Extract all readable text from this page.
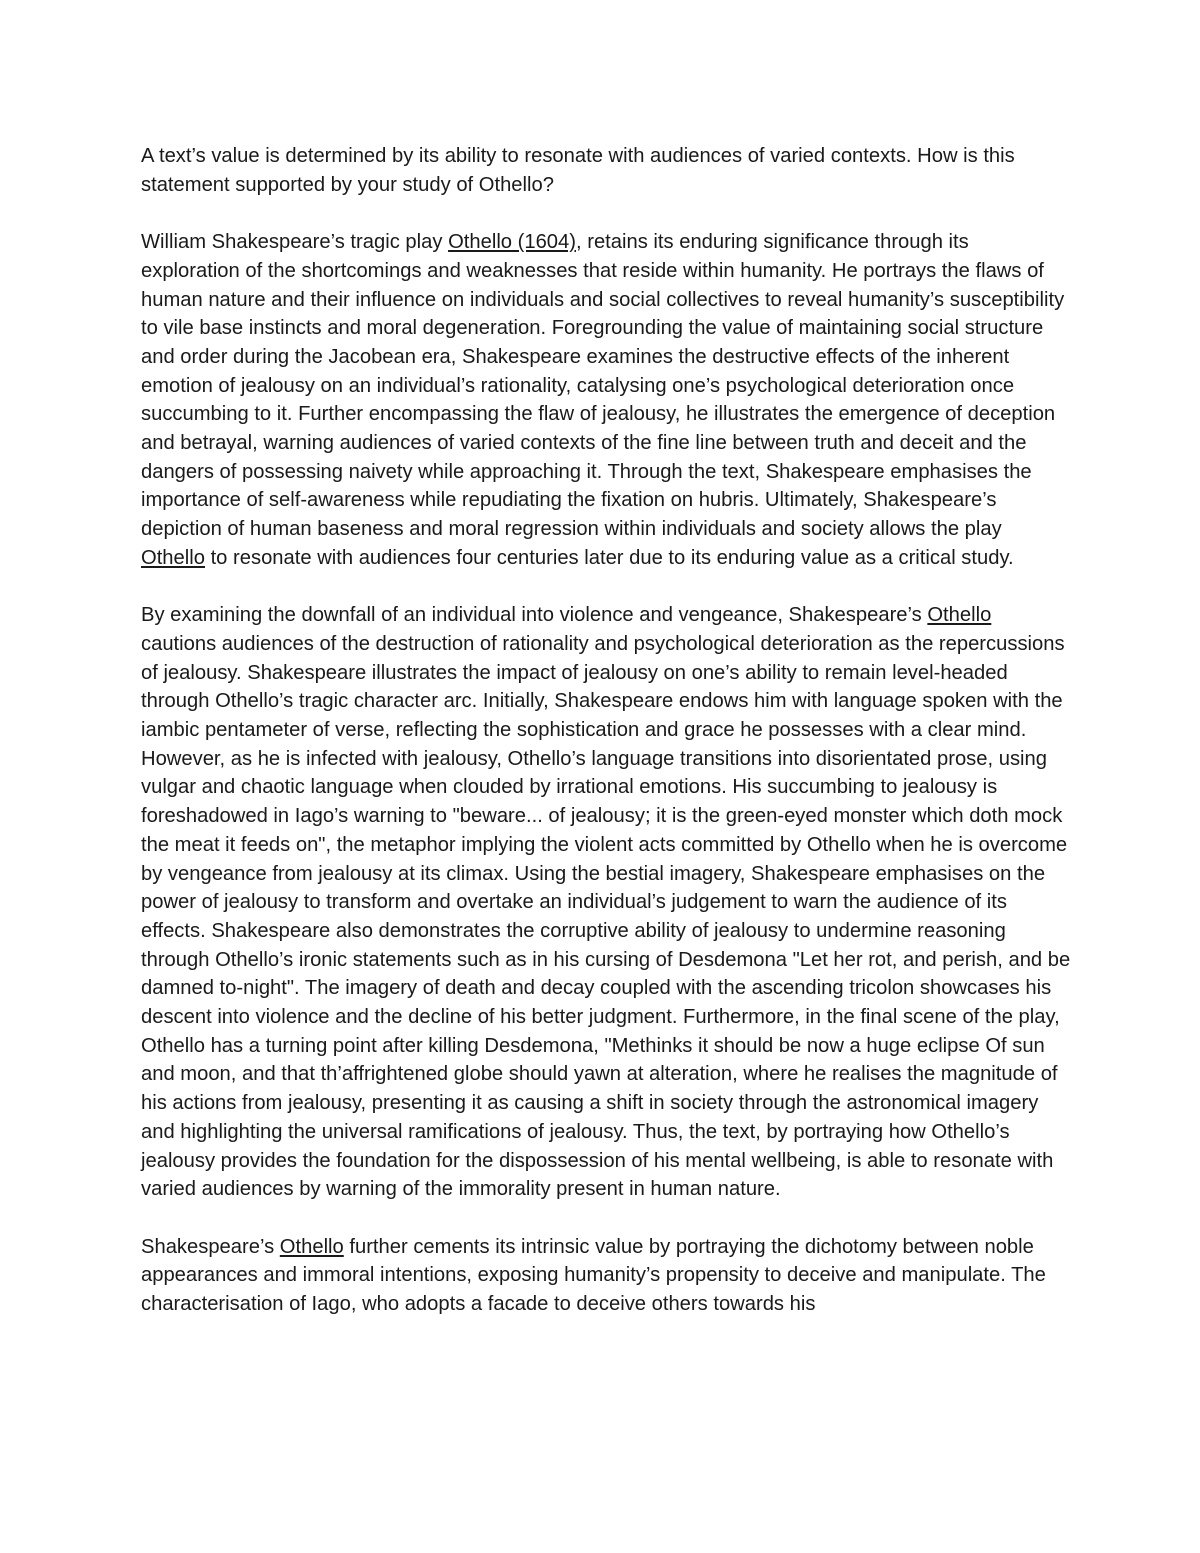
A text’s value is determined by its ability to resonate with audiences of varied contexts. How is this statement supported by your study of Othello?

William Shakespeare’s tragic play Othello (1604), retains its enduring significance through its exploration of the shortcomings and weaknesses that reside within humanity. He portrays the flaws of human nature and their influence on individuals and social collectives to reveal humanity’s susceptibility to vile base instincts and moral degeneration. Foregrounding the value of maintaining social structure and order during the Jacobean era, Shakespeare examines the destructive effects of the inherent emotion of jealousy on an individual’s rationality, catalysing one’s psychological deterioration once succumbing to it. Further encompassing the flaw of jealousy, he illustrates the emergence of deception and betrayal, warning audiences of varied contexts of the fine line between truth and deceit and the dangers of possessing naivety while approaching it. Through the text, Shakespeare emphasises the importance of self-awareness while repudiating the fixation on hubris. Ultimately, Shakespeare’s depiction of human baseness and moral regression within individuals and society allows the play Othello to resonate with audiences four centuries later due to its enduring value as a critical study.

By examining the downfall of an individual into violence and vengeance, Shakespeare’s Othello cautions audiences of the destruction of rationality and psychological deterioration as the repercussions of jealousy. Shakespeare illustrates the impact of jealousy on one’s ability to remain level-headed through Othello’s tragic character arc. Initially, Shakespeare endows him with language spoken with the iambic pentameter of verse, reflecting the sophistication and grace he possesses with a clear mind. However, as he is infected with jealousy, Othello’s language transitions into disorientated prose, using vulgar and chaotic language when clouded by irrational emotions. His succumbing to jealousy is foreshadowed in Iago’s warning to "beware... of jealousy; it is the green-eyed monster which doth mock the meat it feeds on", the metaphor implying the violent acts committed by Othello when he is overcome by vengeance from jealousy at its climax. Using the bestial imagery, Shakespeare emphasises on the power of jealousy to transform and overtake an individual’s judgement to warn the audience of its effects. Shakespeare also demonstrates the corruptive ability of jealousy to undermine reasoning through Othello’s ironic statements such as in his cursing of Desdemona "Let her rot, and perish, and be damned to-night". The imagery of death and decay coupled with the ascending tricolon showcases his descent into violence and the decline of his better judgment. Furthermore, in the final scene of the play, Othello has a turning point after killing Desdemona, "Methinks it should be now a huge eclipse Of sun and moon, and that th’affrightened globe should yawn at alteration, where he realises the magnitude of his actions from jealousy, presenting it as causing a shift in society through the astronomical imagery and highlighting the universal ramifications of jealousy. Thus, the text, by portraying how Othello’s jealousy provides the foundation for the dispossession of his mental wellbeing, is able to resonate with varied audiences by warning of the immorality present in human nature.

Shakespeare’s Othello further cements its intrinsic value by portraying the dichotomy between noble appearances and immoral intentions, exposing humanity’s propensity to deceive and manipulate. The characterisation of Iago, who adopts a facade to deceive others towards his
